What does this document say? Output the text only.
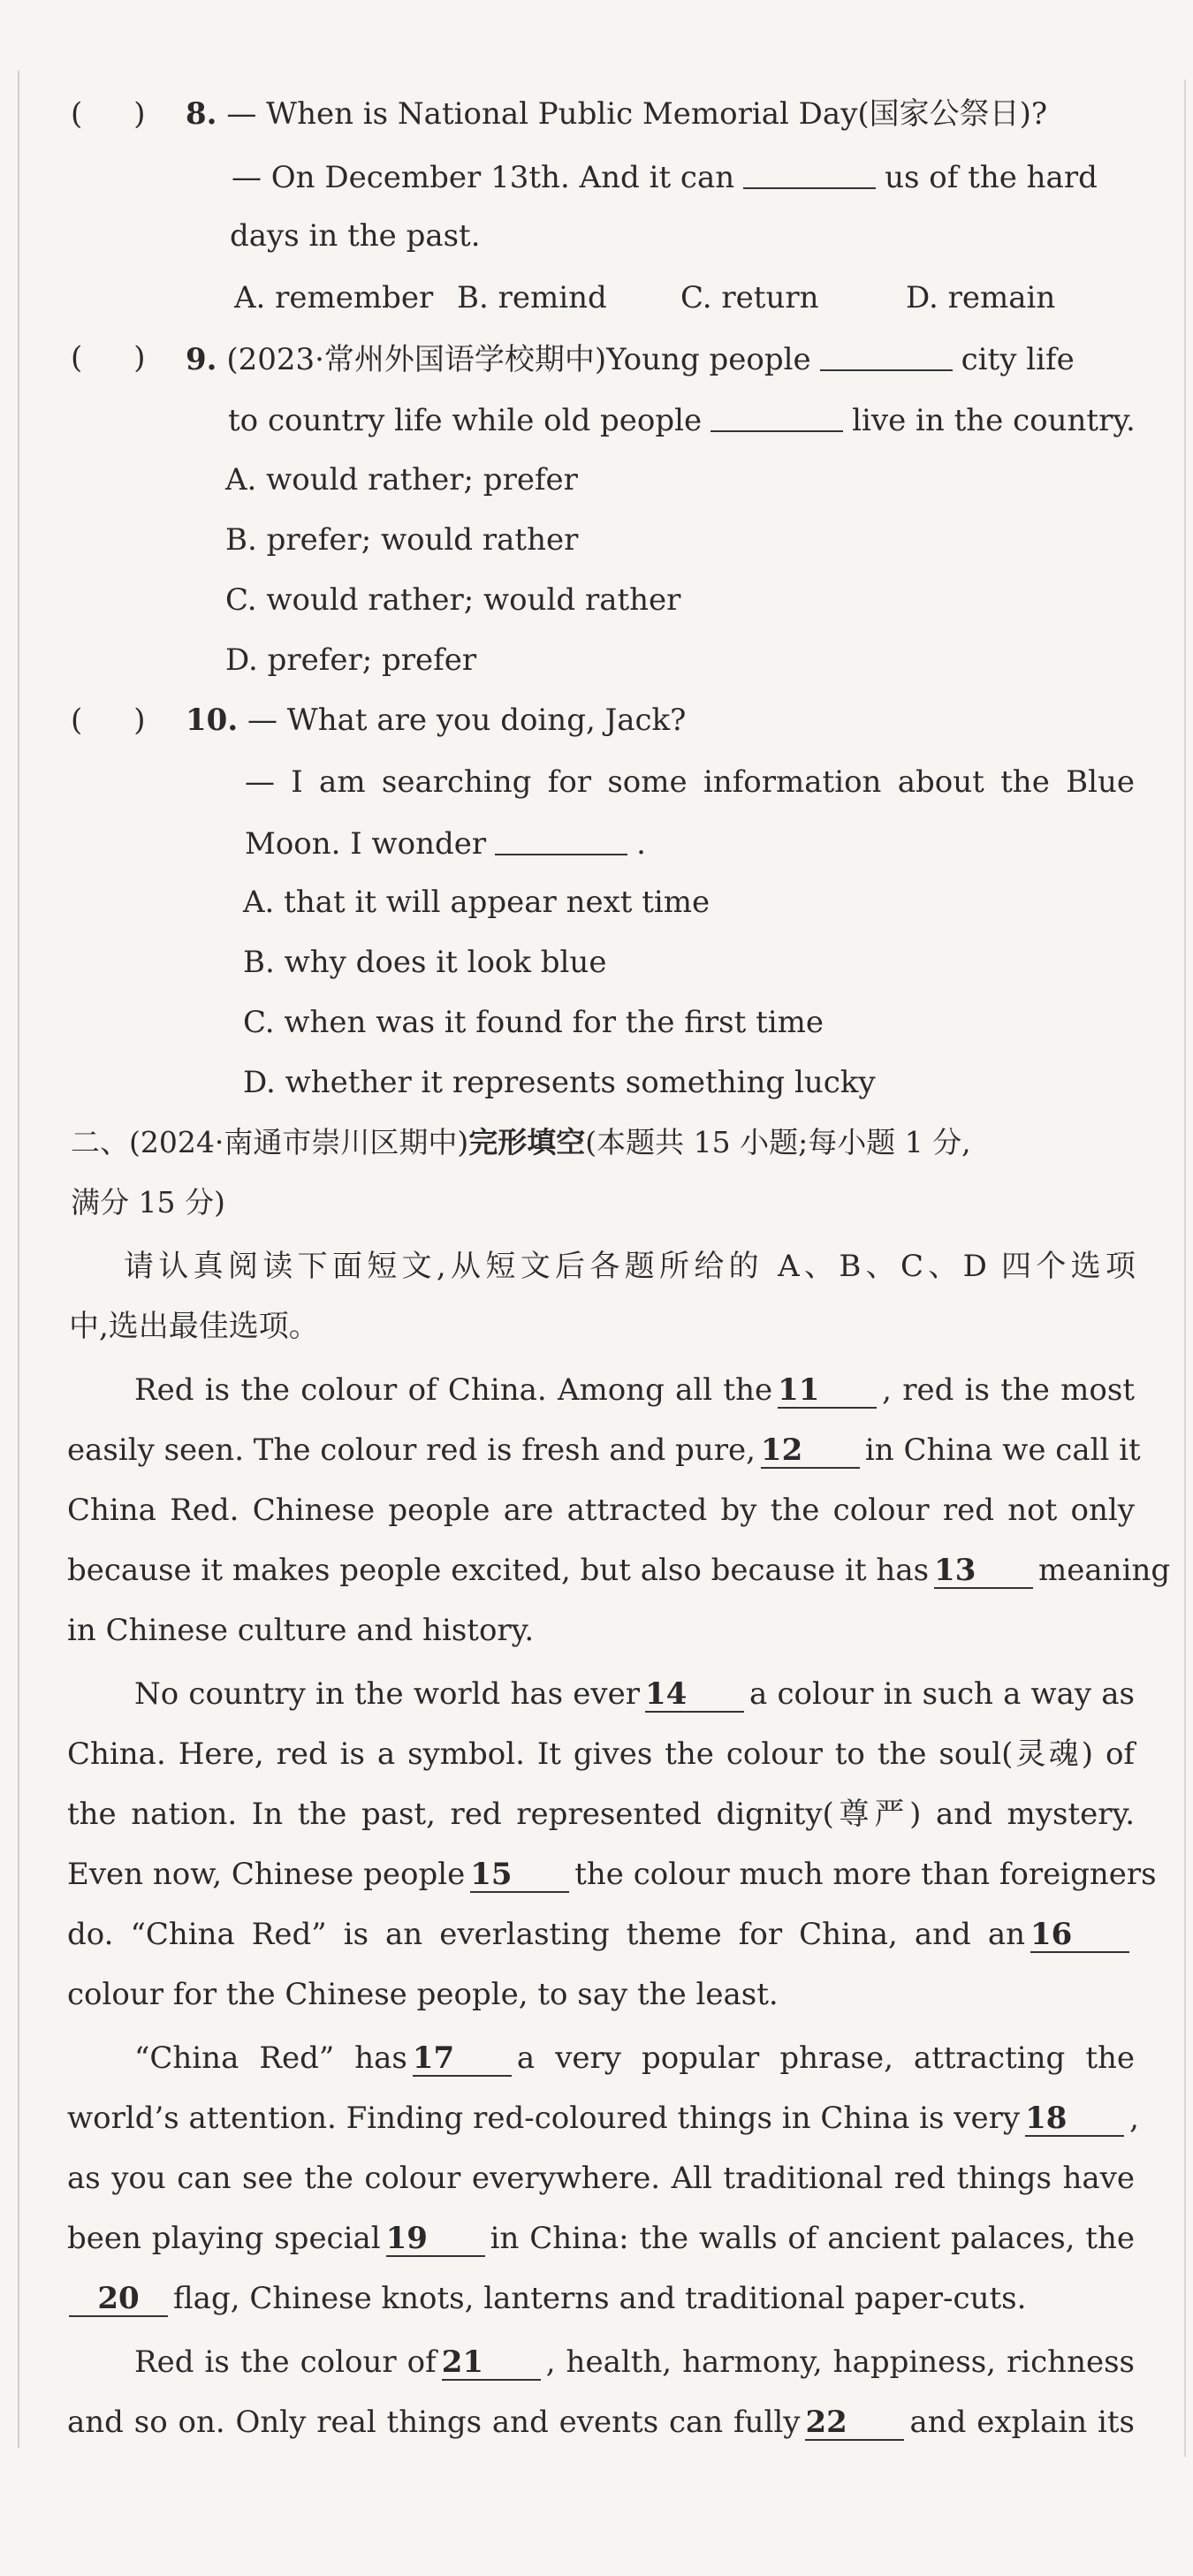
( ) 8. — When is National Public Memorial Day(国家公祭日)?
— On December 13th. And it can	us of the hard
days in the past.
A. remember B. remind C. return	D. remain
( ) 9. (2023·常州外国语学校期中)Young people	city life
to country life while old people	live in the country.
A. would rather; prefer
B. prefer; would rather
C. would rather; would rather
D. prefer; prefer
( ) 10. — What are you doing, Jack?
— I am searching for some information about the Blue
Moon. I wonder	.
A. that it will appear next time
B. why does it look blue
C. when was it found for the first time
D. whether it represents something lucky
二、(2024·南通市崇川区期中)完形填空(本题共 15 小题;每小题 1 分,
满分 15 分)
请认真阅读下面短文,从短文后各题所给的 A、B、C、D 四个选项
中,选出最佳选项。
Red is the colour of China. Among all the 11 , red is the most
easily seen. The colour red is fresh and pure, 12 in China we call it
China Red. Chinese people are attracted by the colour red not only
because it makes people excited, but also because it has 13 meaning
in Chinese culture and history.
No country in the world has ever 14 a colour in such a way as
China. Here, red is a symbol. It gives the colour to the soul(灵魂) of
the nation. In the past, red represented dignity(尊严) and mystery.
Even now, Chinese people 15 the colour much more than foreigners
do. “China Red” is an everlasting theme for China, and an 16
colour for the Chinese people, to say the least.
“China Red” has 17 a very popular phrase, attracting the
world’s attention. Finding red-coloured things in China is very 18 ,
as you can see the colour everywhere. All traditional red things have
been playing special 19 in China: the walls of ancient palaces, the
20 flag, Chinese knots, lanterns and traditional paper-cuts.
Red is the colour of 21 , health, harmony, happiness, richness
and so on. Only real things and events can fully 22 and explain its
